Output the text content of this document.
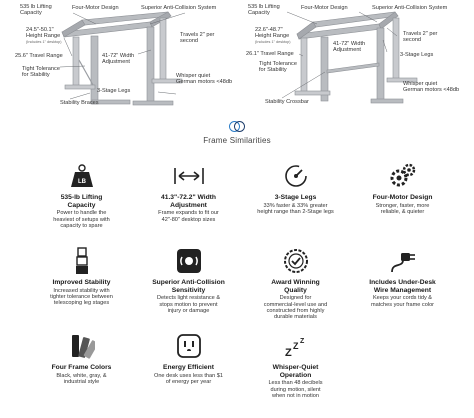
535 lb Lifting
Capacity
Four-Motor Design	Superior Anti-Collision System
24.5"-50.1"
Height Range
(Includes 1" desktop)
Travels 2" per
second
41-72" Width
Adjustment
25.6" Travel Range
3-Stage Legs
Tight Tolerance
for Stability	Whisper quiet
German motors <48db
Stability Braces
535 lb Lifting
Capacity
Four-Motor Design	Superior Anti-Collision System
22.6"-48.7"
Height Range
(Includes 1" desktop)	41-72" Width
Adjustment
Travels 2" per
second
26.1" Travel Range	3-Stage Legs
Tight Tolerance
for Stability
Whisper quiet
German motors <48db
Stability Crossbar
Frame Similarities
LB
535-lb Lifting
Capacity
Power to handle the
heaviest of setups with
capacity to spare
41.3"-72.2" Width
Adjustment
Frame expands to fit our
42"-80" desktop sizes
3-Stage Legs
33% faster & 33% greater
height range than 2-Stage legs
Four-Motor Design
Stronger, faster, more
reliable, & quieter
Improved Stability
Increased stability with
tighter tolerance between
telescoping leg stages
Superior Anti-Collision
Sensitivity
Detects light resistance &
stops motion to prevent
injury or damage
Award Winning
Quality
Designed for
commercial-level use and
constructed from highly
durable materials
Includes Under-Desk
Wire Management
Keeps your cords tidy &
matches your frame color
Four Frame Colors
Black, white, gray, &
industrial style
Energy Efficient
One desk uses less than $1
of energy per year
Z
Z Z
Whisper-Quiet
Operation
Less than 48 decibels
during motion, silent
when not in motion
